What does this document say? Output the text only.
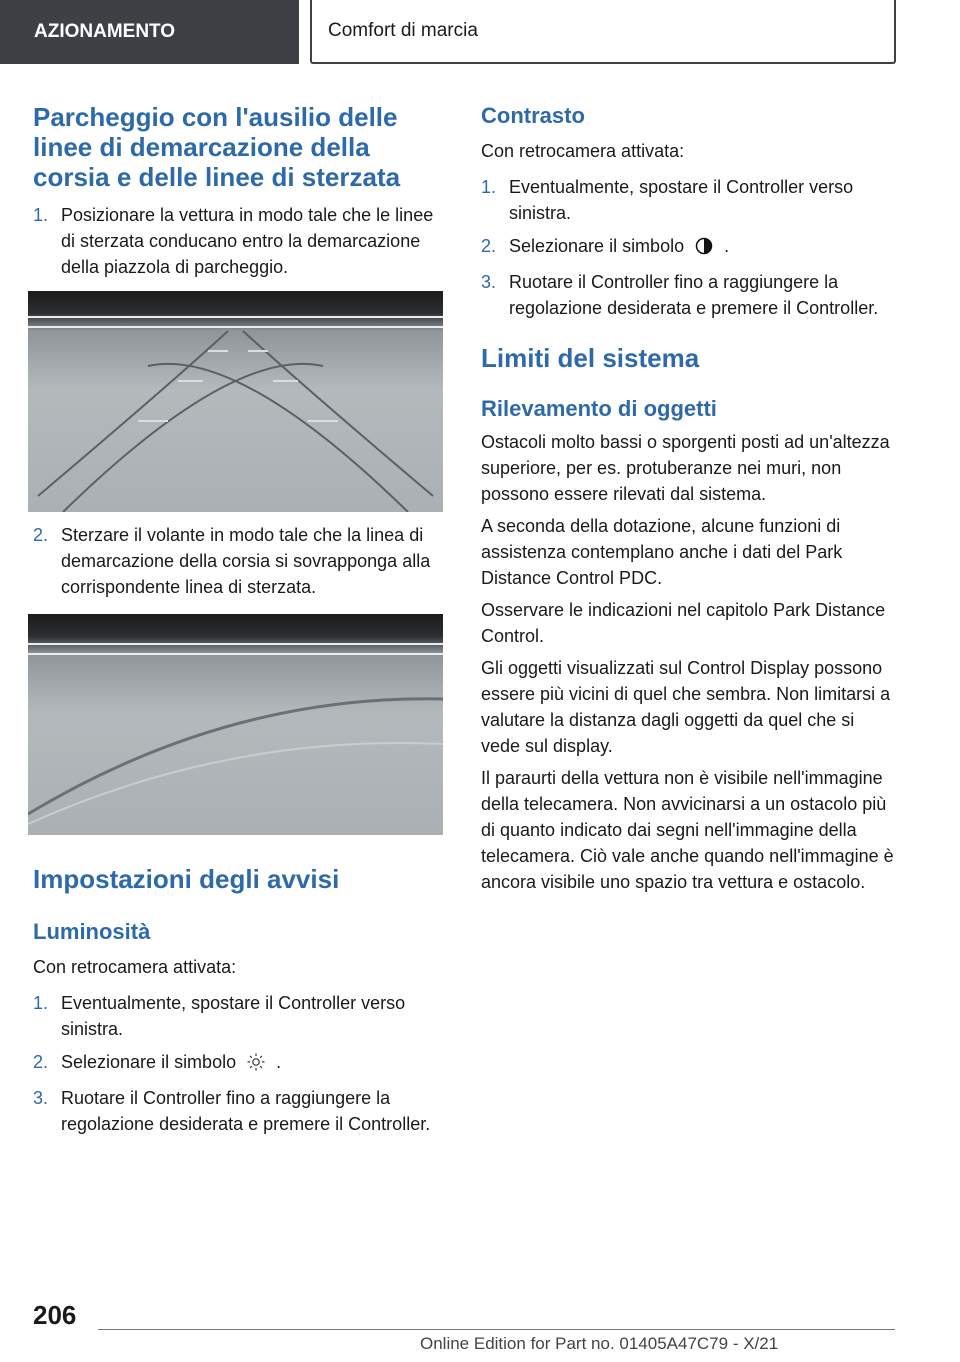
AZIONAMENTO	Comfort di marcia
Parcheggio con l'ausilio delle linee di demarcazione della corsia e delle linee di sterzata
1. Posizionare la vettura in modo tale che le linee di sterzata conducano entro la demarcazione della piazzola di parcheggio.
2. Sterzare il volante in modo tale che la linea di demarcazione della corsia si sovrapponga alla corrispondente linea di sterzata.
Impostazioni degli avvisi
Luminosità

Con retrocamera attivata:

1. Eventualmente, spostare il Controller verso sinistra.
2. Selezionare il simbolo .
3. Ruotare il Controller fino a raggiungere la regolazione desiderata e premere il Controller.
Contrasto

Con retrocamera attivata:

1. Eventualmente, spostare il Controller verso sinistra.
2. Selezionare il simbolo .
3. Ruotare il Controller fino a raggiungere la regolazione desiderata e premere il Controller.
Limiti del sistema
Rilevamento di oggetti

Ostacoli molto bassi o sporgenti posti ad un'altezza superiore, per es. protuberanze nei muri, non possono essere rilevati dal sistema.

A seconda della dotazione, alcune funzioni di assistenza contemplano anche i dati del Park Distance Control PDC.

Osservare le indicazioni nel capitolo Park Distance Control.

Gli oggetti visualizzati sul Control Display possono essere più vicini di quel che sembra. Non limitarsi a valutare la distanza dagli oggetti da quel che si vede sul display.

Il paraurti della vettura non è visibile nell'immagine della telecamera. Non avvicinarsi a un ostacolo più di quanto indicato dai segni nell'immagine della telecamera. Ciò vale anche quando nell'immagine è ancora visibile uno spazio tra vettura e ostacolo.

206
Online Edition for Part no. 01405A47C79 - X/21
